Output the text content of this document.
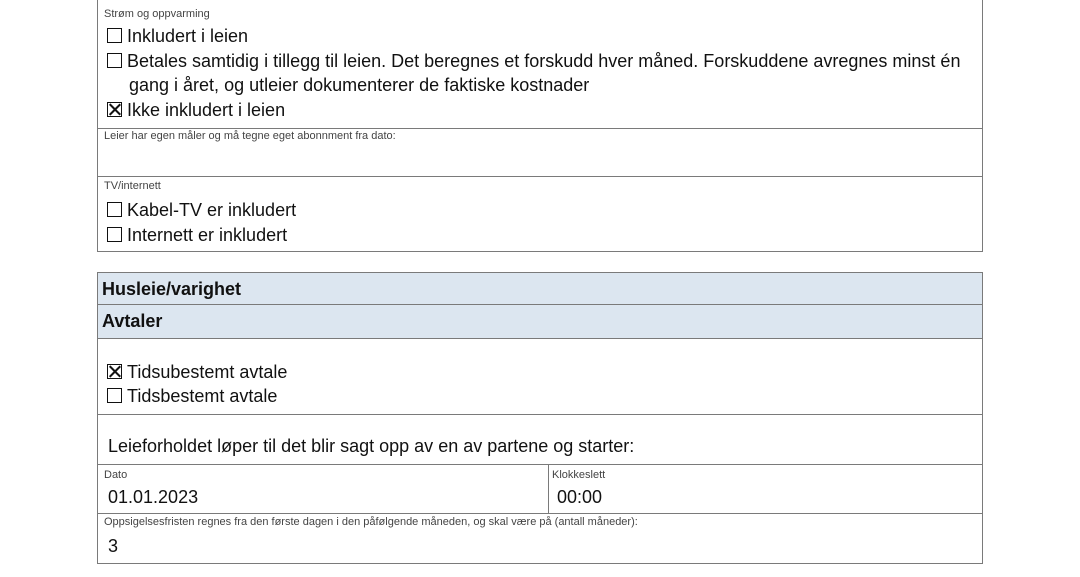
Strøm og oppvarming
Inkludert i leien
Betales samtidig i tillegg til leien. Det beregnes et forskudd hver måned. Forskuddene avregnes minst én gang i året, og utleier dokumenterer de faktiske kostnader
Ikke inkludert i leien
Leier har egen måler og må tegne eget abonnment fra dato:
TV/internett
Kabel-TV er inkludert
Internett er inkludert
Husleie/varighet
Avtaler
Tidsubestemt avtale
Tidsbestemt avtale
Leieforholdet løper til det blir sagt opp av en av partene og starter:
Dato
01.01.2023
Klokkeslett
00:00
Oppsigelsesfristen regnes fra den første dagen i den påfølgende måneden, og skal være på (antall måneder):
3
